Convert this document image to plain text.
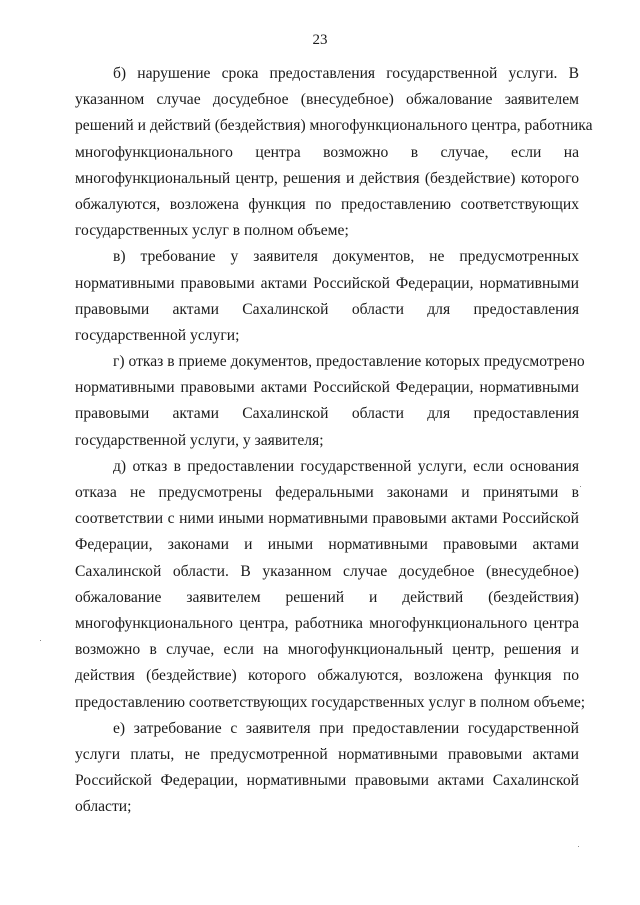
23
б) нарушение срока предоставления государственной услуги. В
указанном случае досудебное (внесудебное) обжалование заявителем
решений и действий (бездействия) многофункционального центра, работника
многофункционального центра возможно в случае, если на
многофункциональный центр, решения и действия (бездействие) которого
обжалуются, возложена функция по предоставлению соответствующих
государственных услуг в полном объеме;
в) требование у заявителя документов, не предусмотренных
нормативными правовыми актами Российской Федерации, нормативными
правовыми актами Сахалинской области для предоставления
государственной услуги;
г) отказ в приеме документов, предоставление которых предусмотрено
нормативными правовыми актами Российской Федерации, нормативными
правовыми актами Сахалинской области для предоставления
государственной услуги, у заявителя;
д) отказ в предоставлении государственной услуги, если основания
отказа не предусмотрены федеральными законами и принятыми в
соответствии с ними иными нормативными правовыми актами Российской
Федерации, законами и иными нормативными правовыми актами
Сахалинской области. В указанном случае досудебное (внесудебное)
обжалование заявителем решений и действий (бездействия)
многофункционального центра, работника многофункционального центра
возможно в случае, если на многофункциональный центр, решения и
действия (бездействие) которого обжалуются, возложена функция по
предоставлению соответствующих государственных услуг в полном объеме;
е) затребование с заявителя при предоставлении государственной
услуги платы, не предусмотренной нормативными правовыми актами
Российской Федерации, нормативными правовыми актами Сахалинской
области;
